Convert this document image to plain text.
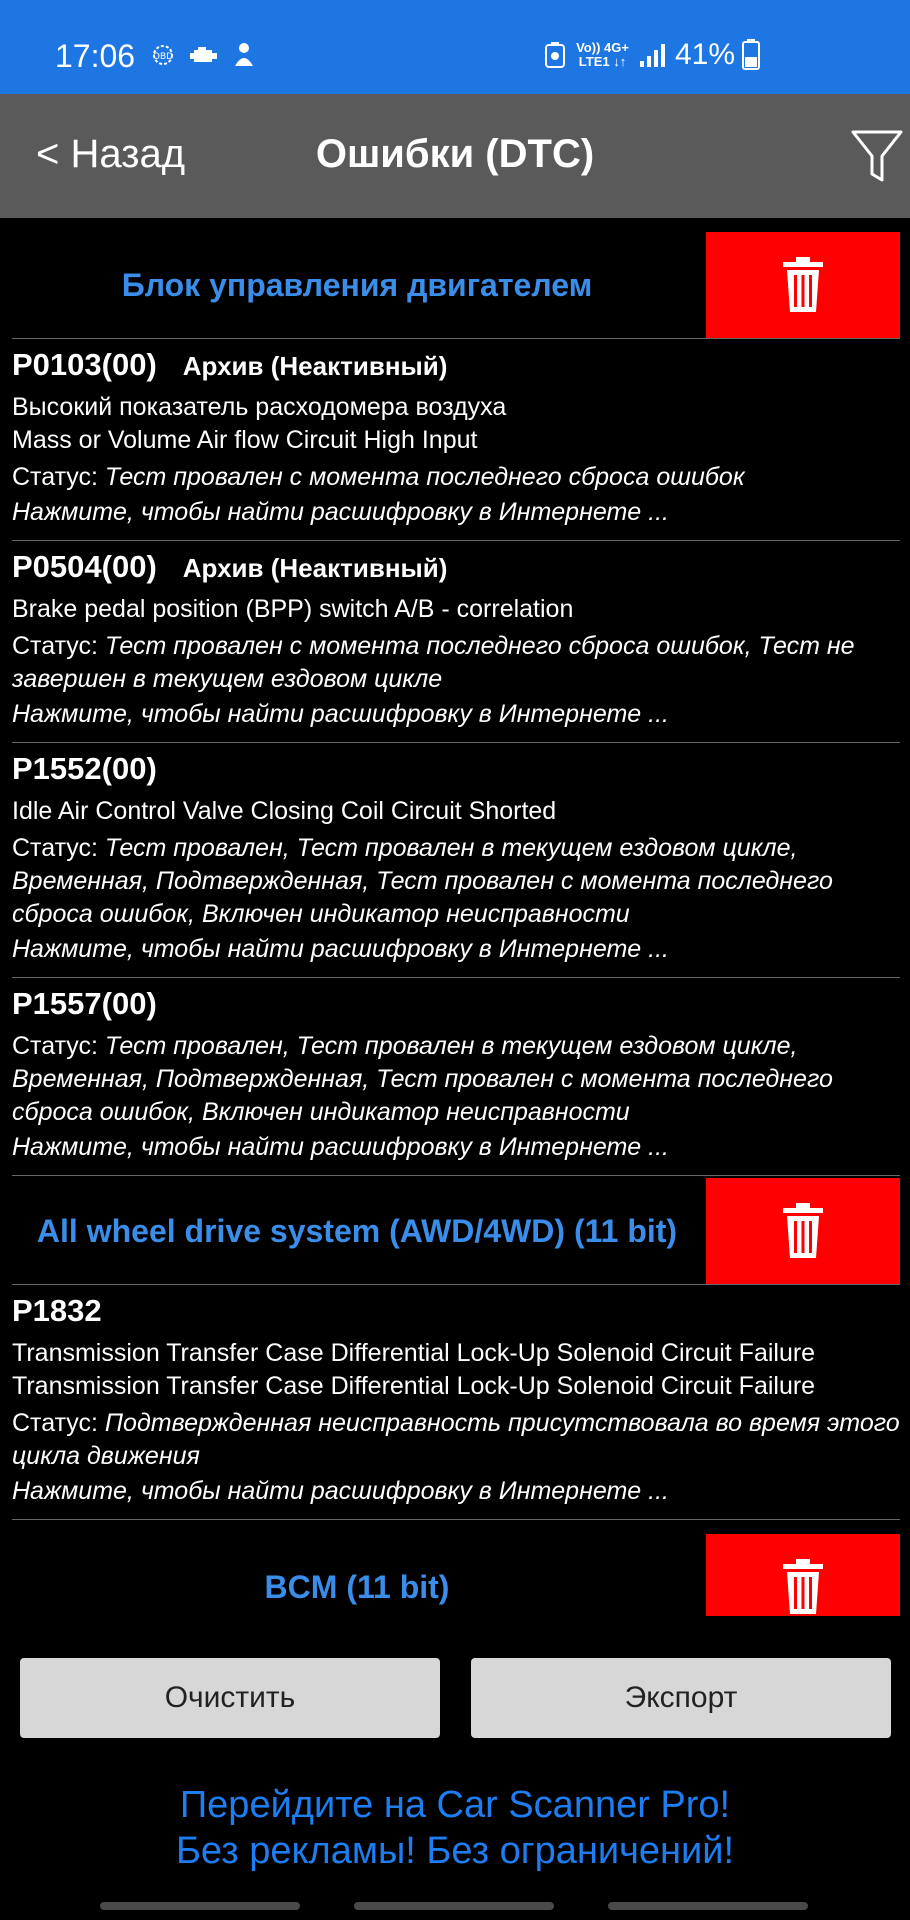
17:06 OBD
Vo)) 4G+
LTE1 ↓↑ 41%
< Назад	Ошибки (DTC)
Блок управления двигателем
P0103(00) Архив (Неактивный)
Высокий показатель расходомера воздуха
Mass or Volume Air flow Circuit High Input
Статус: Тест провален с момента последнего сброса ошибок
Нажмите, чтобы найти расшифровку в Интернете ...
P0504(00) Архив (Неактивный)
Brake pedal position (BPP) switch A/B - correlation
Статус: Тест провален с момента последнего сброса ошибок, Тест не завершен в текущем ездовом цикле
Нажмите, чтобы найти расшифровку в Интернете ...
P1552(00)
Idle Air Control Valve Closing Coil Circuit Shorted
Статус: Тест провален, Тест провален в текущем ездовом цикле, Временная, Подтвержденная, Тест провален с момента последнего сброса ошибок, Включен индикатор неисправности
Нажмите, чтобы найти расшифровку в Интернете ...
P1557(00)
Статус: Тест провален, Тест провален в текущем ездовом цикле, Временная, Подтвержденная, Тест провален с момента последнего сброса ошибок, Включен индикатор неисправности
Нажмите, чтобы найти расшифровку в Интернете ...
All wheel drive system (AWD/4WD) (11 bit)
P1832
Transmission Transfer Case Differential Lock-Up Solenoid Circuit Failure
Transmission Transfer Case Differential Lock-Up Solenoid Circuit Failure
Статус: Подтвержденная неисправность присутствовала во время этого цикла движения
Нажмите, чтобы найти расшифровку в Интернете ...
BCM (11 bit)
Очистить	Экспорт
Перейдите на Car Scanner Pro!
Без рекламы! Без ограничений!
